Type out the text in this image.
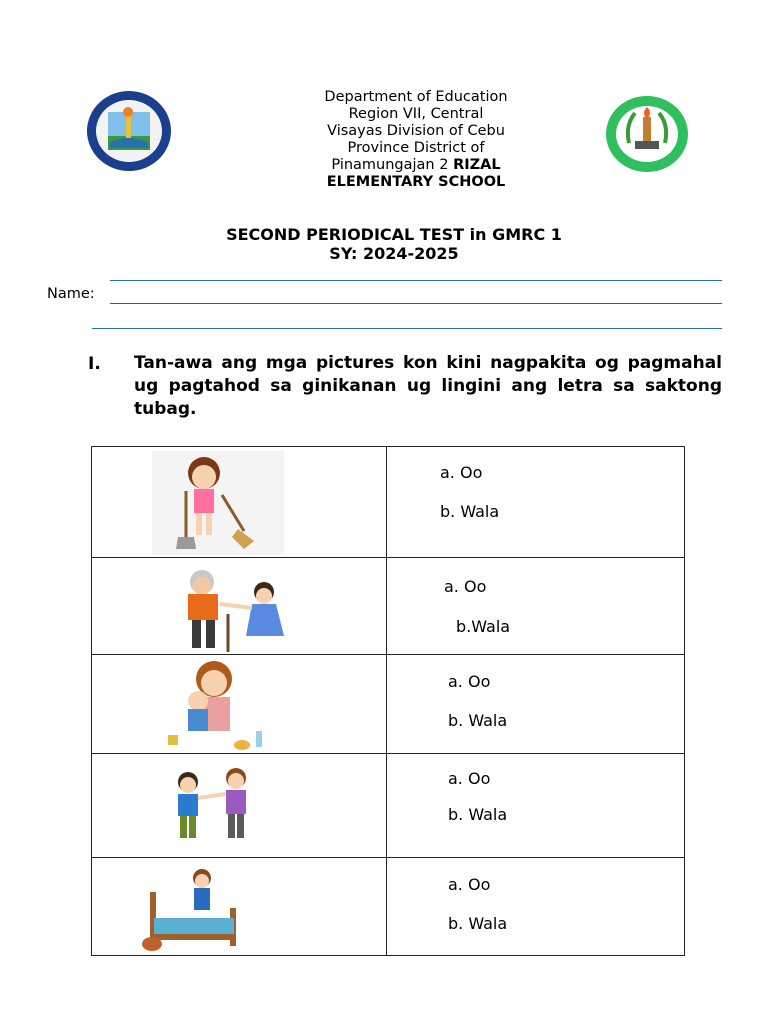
Department of Education
Region VII, Central
Visayas Division of Cebu
Province District of
Pinamungajan 2 RIZAL
ELEMENTARY SCHOOL
SECOND PERIODICAL TEST in GMRC 1
SY: 2024-2025
Name:
I. Tan-awa ang mga pictures kon kini nagpakita og pagmahal ug pagtahod sa ginikanan ug lingini ang letra sa saktong tubag.

a. Oo
b. Wala

a. Oo
b.Wala

a. Oo
b. Wala

a. Oo
b. Wala

a. Oo
b. Wala
